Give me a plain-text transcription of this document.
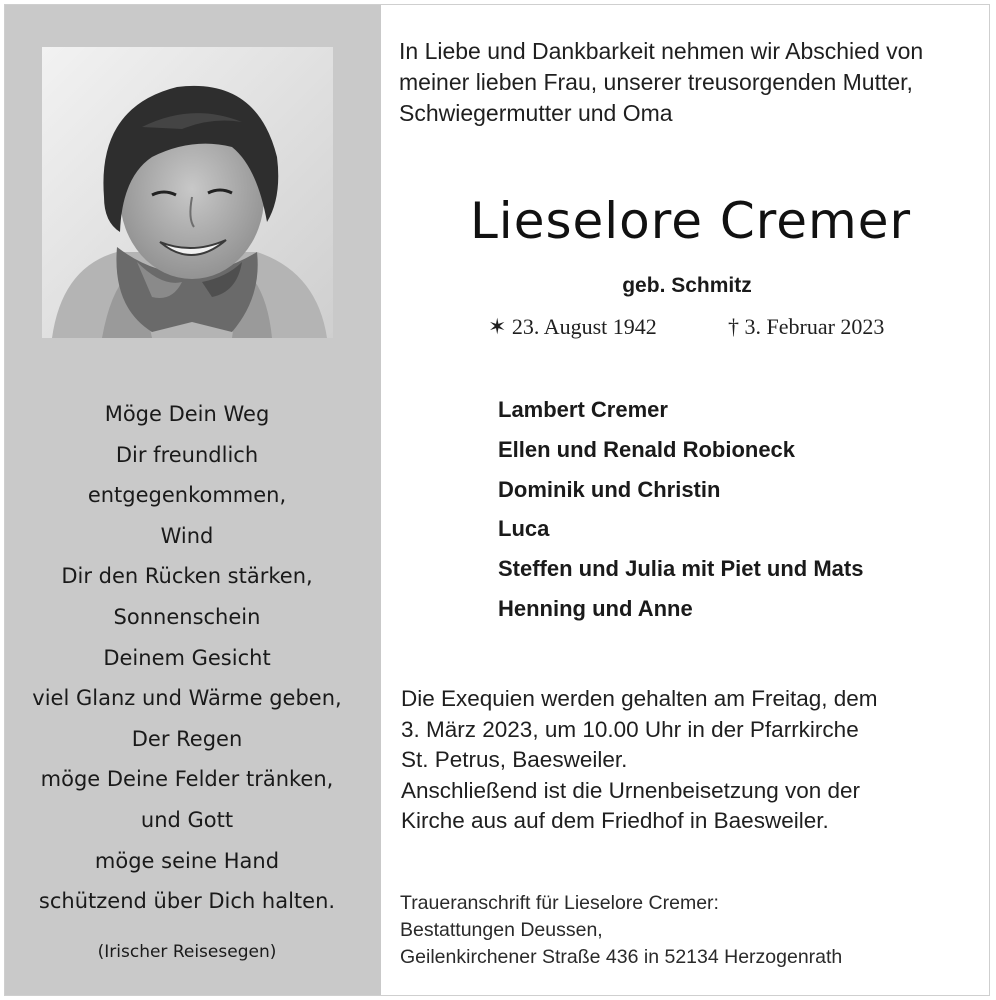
Möge Dein Weg
Dir freundlich
entgegenkommen,
Wind
Dir den Rücken stärken,
Sonnenschein
Deinem Gesicht
viel Glanz und Wärme geben,
Der Regen
möge Deine Felder tränken,
und Gott
möge seine Hand
schützend über Dich halten.
(Irischer Reisesegen)
In Liebe und Dankbarkeit nehmen wir Abschied von
meiner lieben Frau, unserer treusorgenden Mutter,
Schwiegermutter und Oma
Lieselore Cremer
geb. Schmitz
✶ 23. August 1942	† 3. Februar 2023
Lambert Cremer
Ellen und Renald Robioneck
Dominik und Christin
Luca
Steffen und Julia mit Piet und Mats
Henning und Anne
Die Exequien werden gehalten am Freitag, dem
3. März 2023, um 10.00 Uhr in der Pfarrkirche
St. Petrus, Baesweiler.
Anschließend ist die Urnenbeisetzung von der
Kirche aus auf dem Friedhof in Baesweiler.
Traueranschrift für Lieselore Cremer:
Bestattungen Deussen,
Geilenkirchener Straße 436 in 52134 Herzogenrath
